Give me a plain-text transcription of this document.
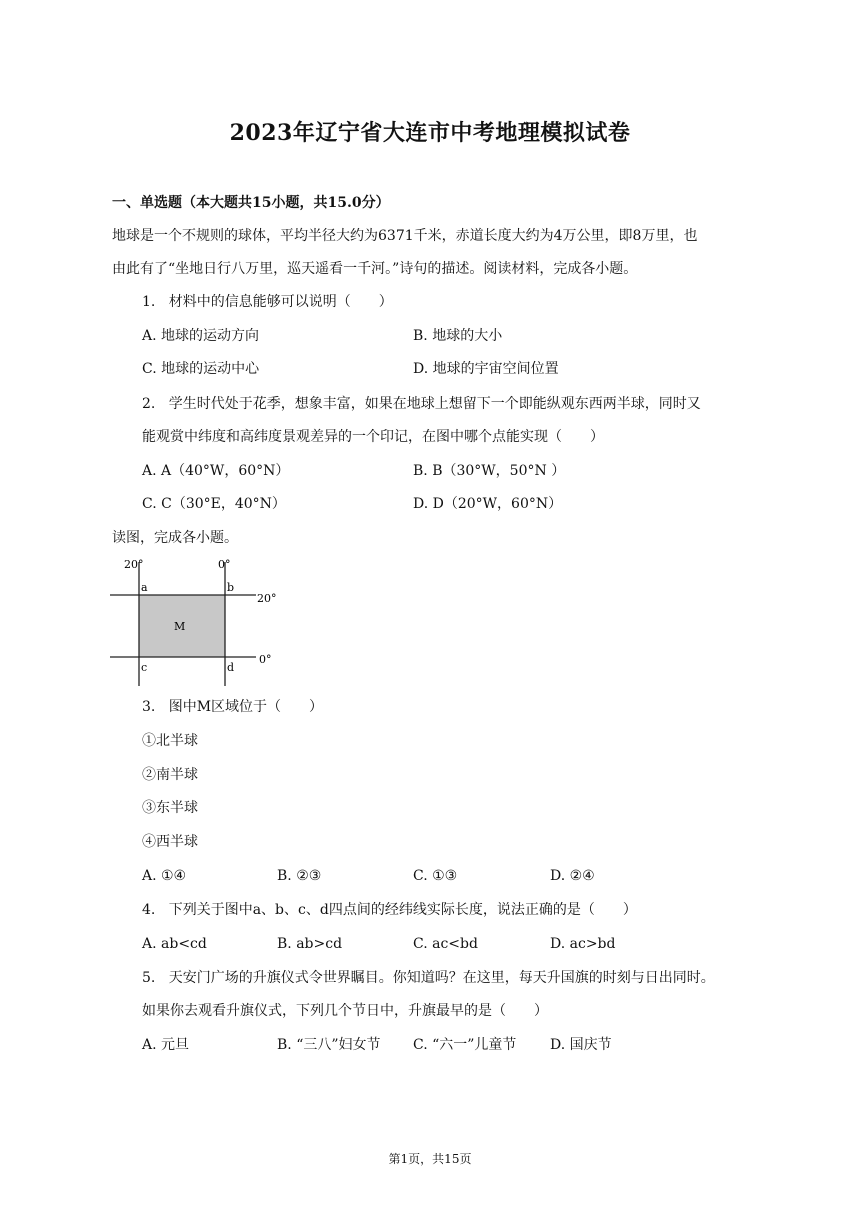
2023年辽宁省大连市中考地理模拟试卷
一、单选题（本大题共15小题，共15.0分）
地球是一个不规则的球体，平均半径大约为6371千米，赤道长度大约为4万公里，即8万里，也
由此有了“坐地日行八万里，巡天遥看一千河。”诗句的描述。阅读材料，完成各小题。
1.   材料中的信息能够可以说明（　　）
A. 地球的运动方向	B. 地球的大小
C. 地球的运动中心	D. 地球的宇宙空间位置
2.   学生时代处于花季，想象丰富，如果在地球上想留下一个即能纵观东西两半球，同时又
能观赏中纬度和高纬度景观差异的一个印记，在图中哪个点能实现（　　）
A. A（40°W，60°N）	B. B（30°W，50°N ）
C. C（30°E，40°N）	D. D（20°W，60°N）
读图，完成各小题。
20°	0°
20°
0°
a	b
c	d
M
3.   图中M区域位于（　　）
①北半球
②南半球
③东半球
④西半球
A. ①④	B. ②③	C. ①③	D. ②④
4.   下列关于图中a、b、c、d四点间的经纬线实际长度，说法正确的是（　　）
A. ab<cd	B. ab>cd	C. ac<bd	D. ac>bd
5.   天安门广场的升旗仪式令世界瞩目。你知道吗？在这里，每天升国旗的时刻与日出同时。
如果你去观看升旗仪式，下列几个节日中，升旗最早的是（　　）
A. 元旦	B. “三八”妇女节 C. “六一”儿童节 D. 国庆节
第1页，共15页
